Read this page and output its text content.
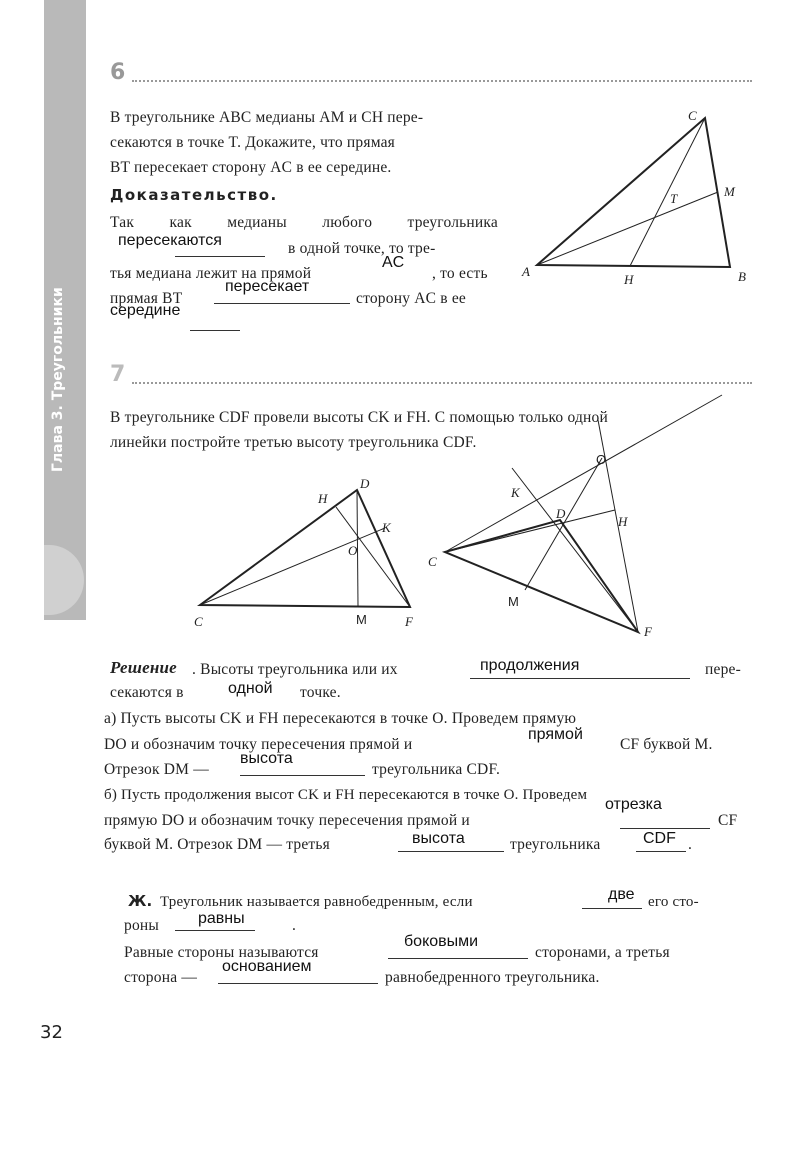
Глава 3. Треугольники
6
В треугольнике ABC медианы AM и CH пере-
секаются в точке T. Докажите, что прямая
BT пересекает сторону AC в ее середине.
Доказательство.
Так как медианы любого треугольника
пересекаются	в одной точке, то тре-
тья медиана лежит на прямой
AC
, то есть
прямая BT
пересекает
сторону AC в ее
середине
7
В треугольнике CDF провели высоты CK и FH. С помощью только одной
линейки постройте третью высоту треугольника CDF.
A	B
C
M
H
T
C
D
F
H
K
O
M
C
D
F
K
H
O
M
Решение . Высоты треугольника или их	продолжения	пере-
секаются в	одной точке.
а) Пусть высоты CK и FH пересекаются в точке O. Проведем прямую
DO и обозначим точку пересечения прямой и
прямой
CF буквой M.
Отрезок DM —
высота
треугольника CDF.
б) Пусть продолжения высот CK и FH пересекаются в точке O. Проведем
прямую DO и обозначим точку пересечения прямой и
отрезка
CF
буквой M. Отрезок DM — третья	высота	треугольника	CDF .
Ж. Треугольник называется равнобедренным, если	две его сто-
роны равны	.
Равные стороны называются
боковыми
сторонами, а третья
сторона —
основанием
равнобедренного треугольника.
32
